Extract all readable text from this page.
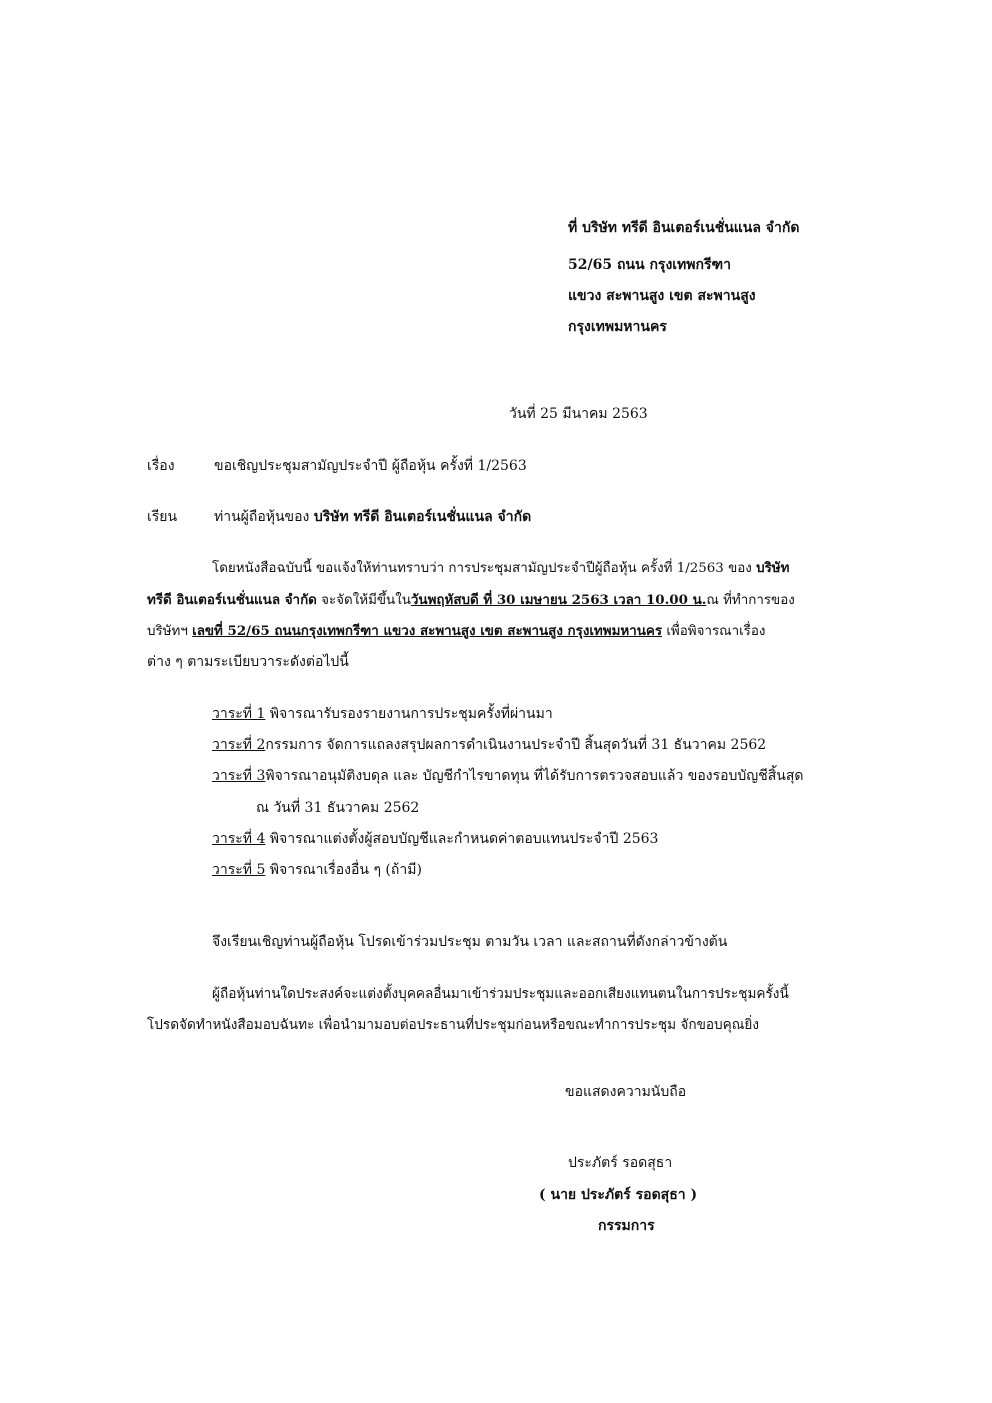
ที่ บริษัท ทรีดี อินเตอร์เนชั่นแนล จำกัด
52/65 ถนน กรุงเทพกรีฑา
แขวง สะพานสูง เขต สะพานสูง
กรุงเทพมหานคร
วันที่ 25 มีนาคม 2563
เรื่อง	ขอเชิญประชุมสามัญประจำปี ผู้ถือหุ้น ครั้งที่ 1/2563
เรียน	ท่านผู้ถือหุ้นของ บริษัท ทรีดี อินเตอร์เนชั่นแนล จำกัด
โดยหนังสือฉบับนี้ ขอแจ้งให้ท่านทราบว่า การประชุมสามัญประจำปีผู้ถือหุ้น ครั้งที่ 1/2563 ของ บริษัท
ทรีดี อินเตอร์เนชั่นแนล จำกัด จะจัดให้มีขึ้นในวันพฤหัสบดี ที่ 30 เมษายน 2563 เวลา 10.00 น.ณ ที่ทำการของ
บริษัทฯ เลขที่ 52/65 ถนนกรุงเทพกรีฑา แขวง สะพานสูง เขต สะพานสูง กรุงเทพมหานคร เพื่อพิจารณาเรื่อง
ต่าง ๆ ตามระเบียบวาระดังต่อไปนี้
วาระที่ 1 พิจารณารับรองรายงานการประชุมครั้งที่ผ่านมา
วาระที่ 2กรรมการ จัดการแถลงสรุปผลการดำเนินงานประจำปี สิ้นสุดวันที่ 31 ธันวาคม 2562
วาระที่ 3พิจารณาอนุมัติงบดุล และ บัญชีกำไรขาดทุน ที่ได้รับการตรวจสอบแล้ว ของรอบบัญชีสิ้นสุด
ณ วันที่ 31 ธันวาคม 2562
วาระที่ 4 พิจารณาแต่งตั้งผู้สอบบัญชีและกำหนดค่าตอบแทนประจำปี 2563
วาระที่ 5 พิจารณาเรื่องอื่น ๆ (ถ้ามี)
จึงเรียนเชิญท่านผู้ถือหุ้น โปรดเข้าร่วมประชุม ตามวัน เวลา และสถานที่ดังกล่าวข้างต้น
ผู้ถือหุ้นท่านใดประสงค์จะแต่งตั้งบุคคลอื่นมาเข้าร่วมประชุมและออกเสียงแทนตนในการประชุมครั้งนี้
โปรดจัดทำหนังสือมอบฉันทะ เพื่อนำมามอบต่อประธานที่ประชุมก่อนหรือขณะทำการประชุม จักขอบคุณยิ่ง
ขอแสดงความนับถือ
ประภัตร์ รอดสุธา
( นาย ประภัตร์ รอดสุธา )
กรรมการ
